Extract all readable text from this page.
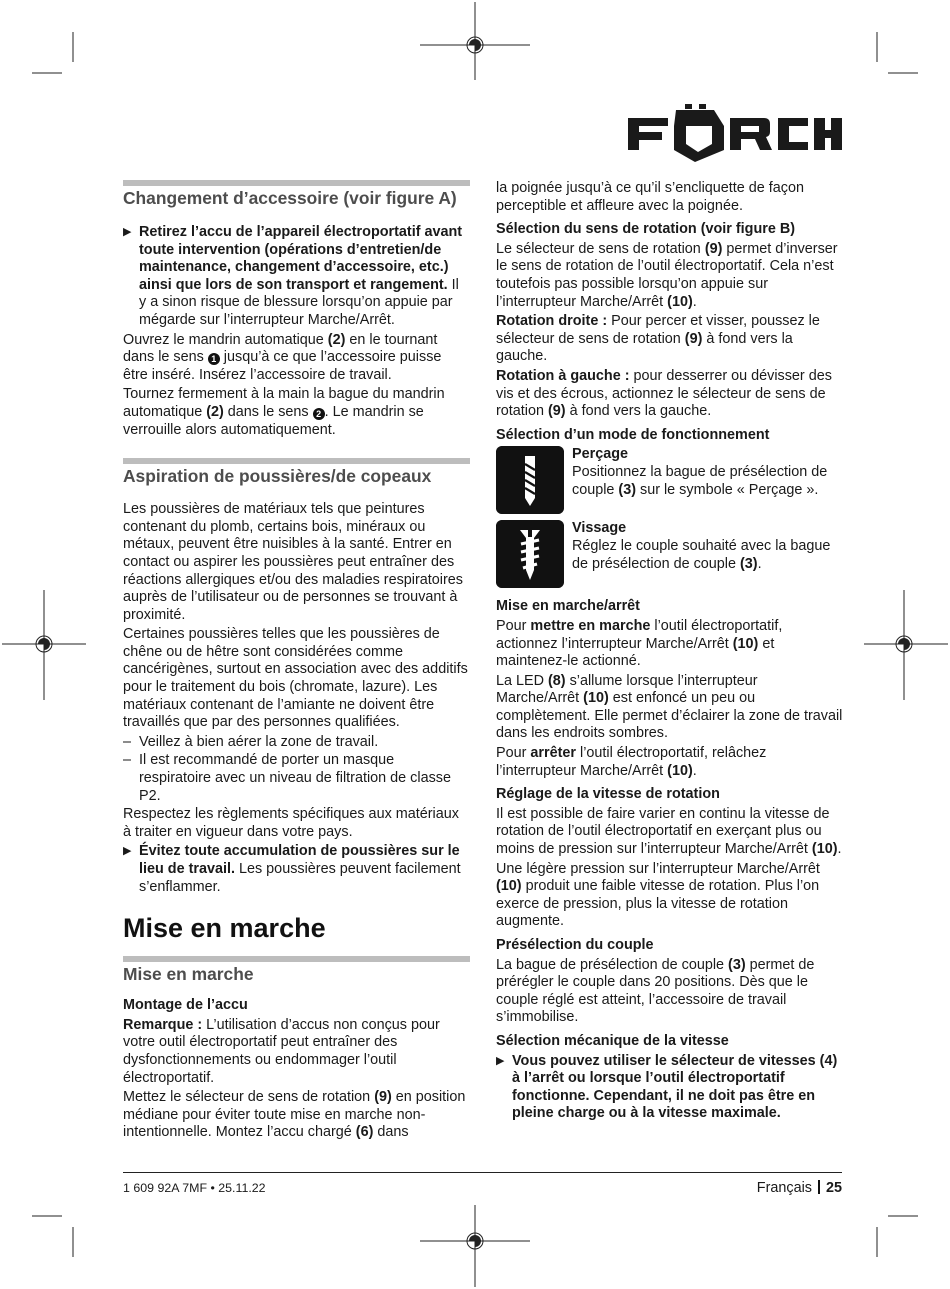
Changement d’accessoire (voir figure A)
▶ Retirez l’accu de l’appareil électroportatif avant toute intervention (opérations d’entretien/de maintenance, changement d’accessoire, etc.) ainsi que lors de son transport et rangement. Il y a sinon risque de blessure lorsqu’on appuie par mégarde sur l’interrupteur Marche/Arrêt.

Ouvrez le mandrin automatique (2) en le tournant dans le sens 1 jusqu’à ce que l’accessoire puisse être inséré. Insérez l’accessoire de travail.

Tournez fermement à la main la bague du mandrin automatique (2) dans le sens 2 . Le mandrin se verrouille alors automatiquement.

Aspiration de poussières/de copeaux

Les poussières de matériaux tels que peintures contenant du plomb, certains bois, minéraux ou métaux, peuvent être nuisibles à la santé. Entrer en contact ou aspirer les poussières peut entraîner des réactions allergiques et/ou des maladies respiratoires auprès de l’utilisateur ou de personnes se trouvant à proximité.

Certaines poussières telles que les poussières de chêne ou de hêtre sont considérées comme cancérigènes, surtout en association avec des additifs pour le traitement du bois (chromate, lazure). Les matériaux contenant de l’amiante ne doivent être travaillés que par des personnes qualifiées.

– Veillez à bien aérer la zone de travail.
– Il est recommandé de porter un masque respiratoire avec un niveau de filtration de classe P2.

Respectez les règlements spécifiques aux matériaux à traiter en vigueur dans votre pays.

▶ Évitez toute accumulation de poussières sur le lieu de travail. Les poussières peuvent facilement s’enflammer.
Mise en marche
Mise en marche
Montage de l’accu

Remarque : L’utilisation d’accus non conçus pour votre outil électroportatif peut entraîner des dysfonctionnements ou endommager l’outil électroportatif.

Mettez le sélecteur de sens de rotation (9) en position médiane pour éviter toute mise en marche non-intentionnelle. Montez l’accu chargé (6) dans

la poignée jusqu’à ce qu’il s’encliquette de façon perceptible et affleure avec la poignée.

Sélection du sens de rotation (voir figure B)

Le sélecteur de sens de rotation (9) permet d’inverser le sens de rotation de l’outil électroportatif. Cela n’est toutefois pas possible lorsqu’on appuie sur l’interrupteur Marche/Arrêt (10).

Rotation droite : Pour percer et visser, poussez le sélecteur de sens de rotation (9) à fond vers la gauche.

Rotation à gauche : pour desserrer ou dévisser des vis et des écrous, actionnez le sélecteur de sens de rotation (9) à fond vers la gauche.

Sélection d’un mode de fonctionnement
Perçage
Positionnez la bague de présélection de couple (3) sur le symbole « Perçage ».
Vissage
Réglez le couple souhaité avec la bague de présélection de couple (3).
Mise en marche/arrêt

Pour mettre en marche l’outil électroportatif, actionnez l’interrupteur Marche/Arrêt (10) et maintenez-le actionné.

La LED (8) s’allume lorsque l’interrupteur Marche/Arrêt (10) est enfoncé un peu ou complètement. Elle permet d’éclairer la zone de travail dans les endroits sombres.

Pour arrêter l’outil électroportatif, relâchez l’interrupteur Marche/Arrêt (10).

Réglage de la vitesse de rotation

Il est possible de faire varier en continu la vitesse de rotation de l’outil électroportatif en exerçant plus ou moins de pression sur l’interrupteur Marche/Arrêt (10).

Une légère pression sur l’interrupteur Marche/Arrêt (10) produit une faible vitesse de rotation. Plus l’on exerce de pression, plus la vitesse de rotation augmente.

Présélection du couple

La bague de présélection de couple (3) permet de prérégler le couple dans 20 positions. Dès que le couple réglé est atteint, l’accessoire de travail s’immobilise.

Sélection mécanique de la vitesse
▶ Vous pouvez utiliser le sélecteur de vitesses (4) à l’arrêt ou lorsque l’outil électroportatif fonctionne. Cependant, il ne doit pas être en pleine charge ou à la vitesse maximale.
1 609 92A 7MF • 25.11.22	Français 25
